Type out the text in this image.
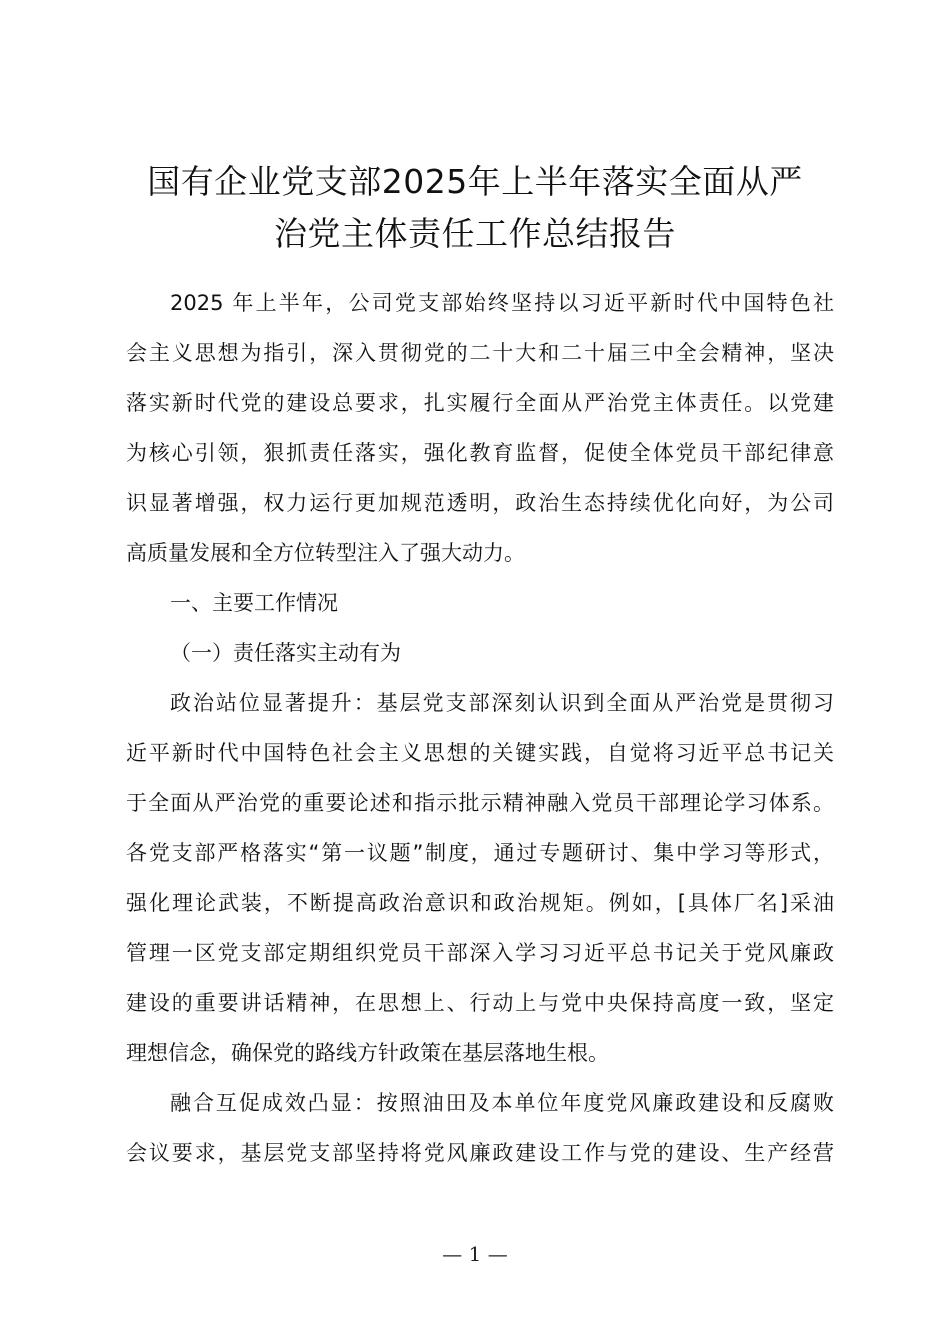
国有企业党支部2025年上半年落实全面从严
治党主体责任工作总结报告
2025 年上半年，公司党支部始终坚持以习近平新时代中国特色社
会主义思想为指引，深入贯彻党的二十大和二十届三中全会精神，坚决
落实新时代党的建设总要求，扎实履行全面从严治党主体责任。以党建
为核心引领，狠抓责任落实，强化教育监督，促使全体党员干部纪律意
识显著增强，权力运行更加规范透明，政治生态持续优化向好，为公司
高质量发展和全方位转型注入了强大动力。
一、主要工作情况
（一）责任落实主动有为
政治站位显著提升：基层党支部深刻认识到全面从严治党是贯彻习
近平新时代中国特色社会主义思想的关键实践，自觉将习近平总书记关
于全面从严治党的重要论述和指示批示精神融入党员干部理论学习体系。
各党支部严格落实“第一议题”制度，通过专题研讨、集中学习等形式，
强化理论武装，不断提高政治意识和政治规矩。例如，[具体厂名]采油
管理一区党支部定期组织党员干部深入学习习近平总书记关于党风廉政
建设的重要讲话精神，在思想上、行动上与党中央保持高度一致，坚定
理想信念，确保党的路线方针政策在基层落地生根。
融合互促成效凸显：按照油田及本单位年度党风廉政建设和反腐败
会议要求，基层党支部坚持将党风廉政建设工作与党的建设、生产经营
— 1 —
